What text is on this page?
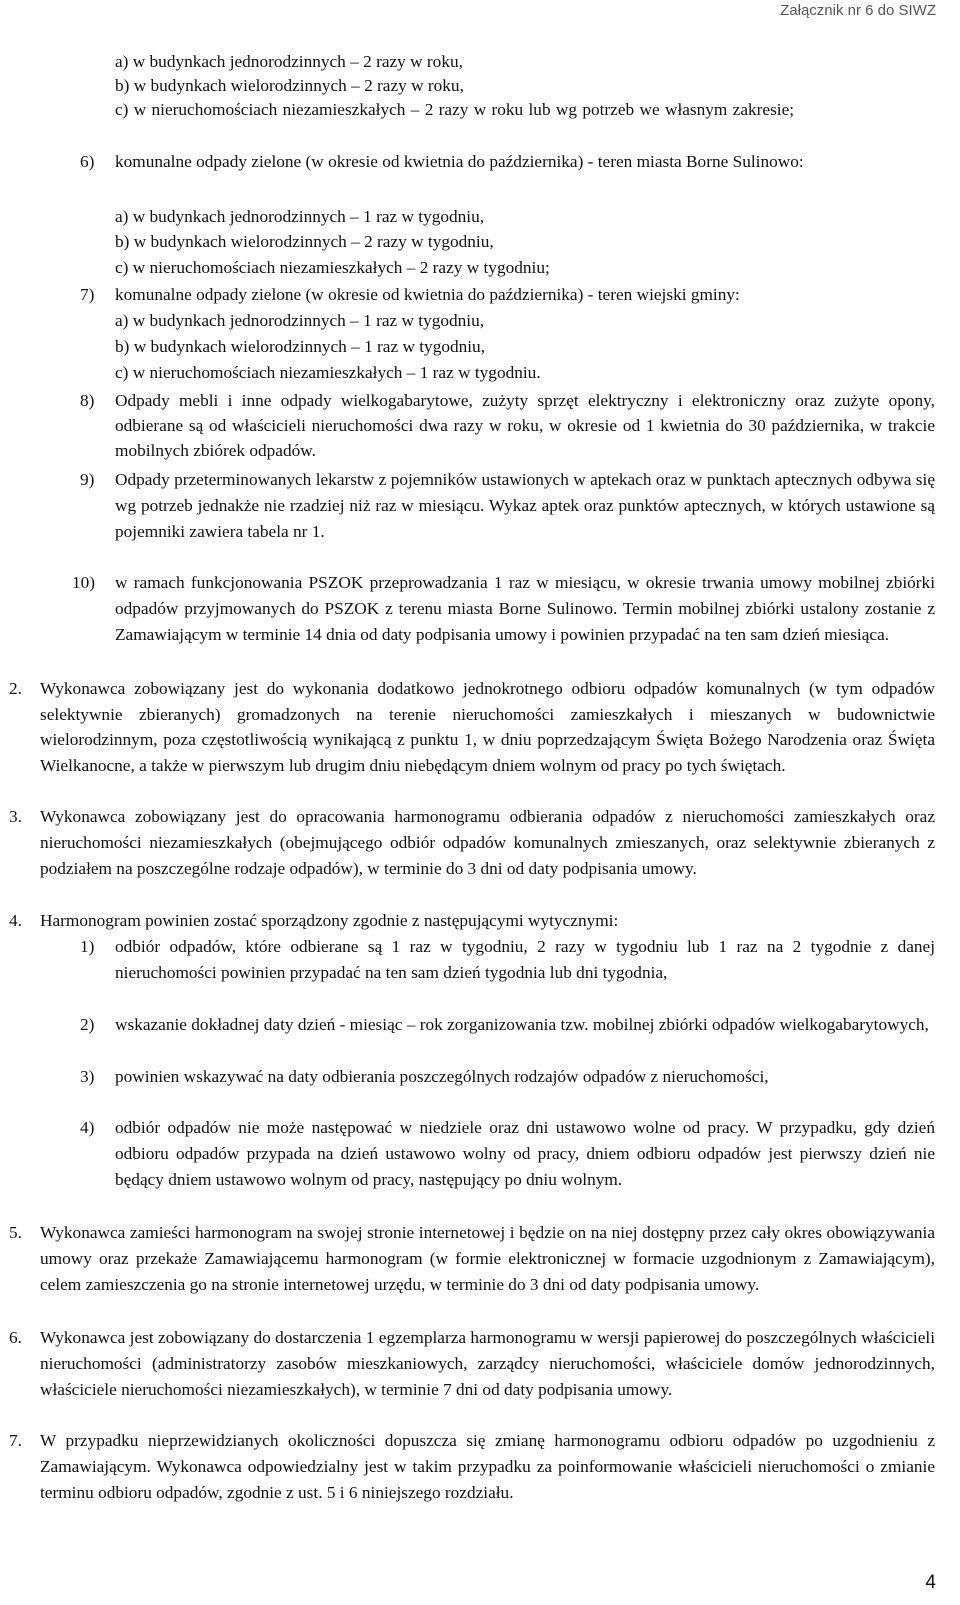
Załącznik nr 6 do SIWZ
a) w budynkach jednorodzinnych – 2 razy w roku,
b) w budynkach wielorodzinnych – 2 razy w roku,
c) w nieruchomościach niezamieszkałych – 2 razy w roku lub wg potrzeb we własnym zakresie;
6) komunalne odpady zielone (w okresie od kwietnia do października) - teren miasta Borne Sulinowo:
a) w budynkach jednorodzinnych – 1 raz w tygodniu,
b) w budynkach wielorodzinnych – 2 razy w tygodniu,
c) w nieruchomościach niezamieszkałych – 2 razy w tygodniu;
7) komunalne odpady zielone (w okresie od kwietnia do października) - teren wiejski gminy:
a) w budynkach jednorodzinnych – 1 raz w tygodniu,
b) w budynkach wielorodzinnych – 1 raz w tygodniu,
c) w nieruchomościach niezamieszkałych – 1 raz w tygodniu.
8) Odpady mebli i inne odpady wielkogabarytowe, zużyty sprzęt elektryczny i elektroniczny oraz zużyte opony, odbierane są od właścicieli nieruchomości dwa razy w roku, w okresie od 1 kwietnia do 30 października, w trakcie mobilnych zbiórek odpadów.
9) Odpady przeterminowanych lekarstw z pojemników ustawionych w aptekach oraz w punktach aptecznych odbywa się wg potrzeb jednakże nie rzadziej niż raz w miesiącu. Wykaz aptek oraz punktów aptecznych, w których ustawione są pojemniki zawiera tabela nr 1.
10) w ramach funkcjonowania PSZOK przeprowadzania 1 raz w miesiącu, w okresie trwania umowy mobilnej zbiórki odpadów przyjmowanych do PSZOK z terenu miasta Borne Sulinowo. Termin mobilnej zbiórki ustalony zostanie z Zamawiającym w terminie 14 dnia od daty podpisania umowy i powinien przypadać na ten sam dzień miesiąca.
2. Wykonawca zobowiązany jest do wykonania dodatkowo jednokrotnego odbioru odpadów komunalnych (w tym odpadów selektywnie zbieranych) gromadzonych na terenie nieruchomości zamieszkałych i mieszanych w budownictwie wielorodzinnym, poza częstotliwością wynikającą z punktu 1, w dniu poprzedzającym Święta Bożego Narodzenia oraz Święta Wielkanocne, a także w pierwszym lub drugim dniu niebędącym dniem wolnym od pracy po tych świętach.
3. Wykonawca zobowiązany jest do opracowania harmonogramu odbierania odpadów z nieruchomości zamieszkałych oraz nieruchomości niezamieszkałych (obejmującego odbiór odpadów komunalnych zmieszanych, oraz selektywnie zbieranych z podziałem na poszczególne rodzaje odpadów), w terminie do 3 dni od daty podpisania umowy.
4. Harmonogram powinien zostać sporządzony zgodnie z następującymi wytycznymi:
1) odbiór odpadów, które odbierane są 1 raz w tygodniu, 2 razy w tygodniu lub 1 raz na 2 tygodnie z danej nieruchomości powinien przypadać na ten sam dzień tygodnia lub dni tygodnia,
2) wskazanie dokładnej daty dzień - miesiąc – rok zorganizowania tzw. mobilnej zbiórki odpadów wielkogabarytowych,
3) powinien wskazywać na daty odbierania poszczególnych rodzajów odpadów z nieruchomości,
4) odbiór odpadów nie może następować w niedziele oraz dni ustawowo wolne od pracy. W przypadku, gdy dzień odbioru odpadów przypada na dzień ustawowo wolny od pracy, dniem odbioru odpadów jest pierwszy dzień nie będący dniem ustawowo wolnym od pracy, następujący po dniu wolnym.
5. Wykonawca zamieści harmonogram na swojej stronie internetowej i będzie on na niej dostępny przez cały okres obowiązywania umowy oraz przekaże Zamawiającemu harmonogram (w formie elektronicznej w formacie uzgodnionym z Zamawiającym), celem zamieszczenia go na stronie internetowej urzędu, w terminie do 3 dni od daty podpisania umowy.
6. Wykonawca jest zobowiązany do dostarczenia 1 egzemplarza harmonogramu w wersji papierowej do poszczególnych właścicieli nieruchomości (administratorzy zasobów mieszkaniowych, zarządcy nieruchomości, właściciele domów jednorodzinnych, właściciele nieruchomości niezamieszkałych), w terminie 7 dni od daty podpisania umowy.
7. W przypadku nieprzewidzianych okoliczności dopuszcza się zmianę harmonogramu odbioru odpadów po uzgodnieniu z Zamawiającym. Wykonawca odpowiedzialny jest w takim przypadku za poinformowanie właścicieli nieruchomości o zmianie terminu odbioru odpadów, zgodnie z ust. 5 i 6 niniejszego rozdziału.
4
